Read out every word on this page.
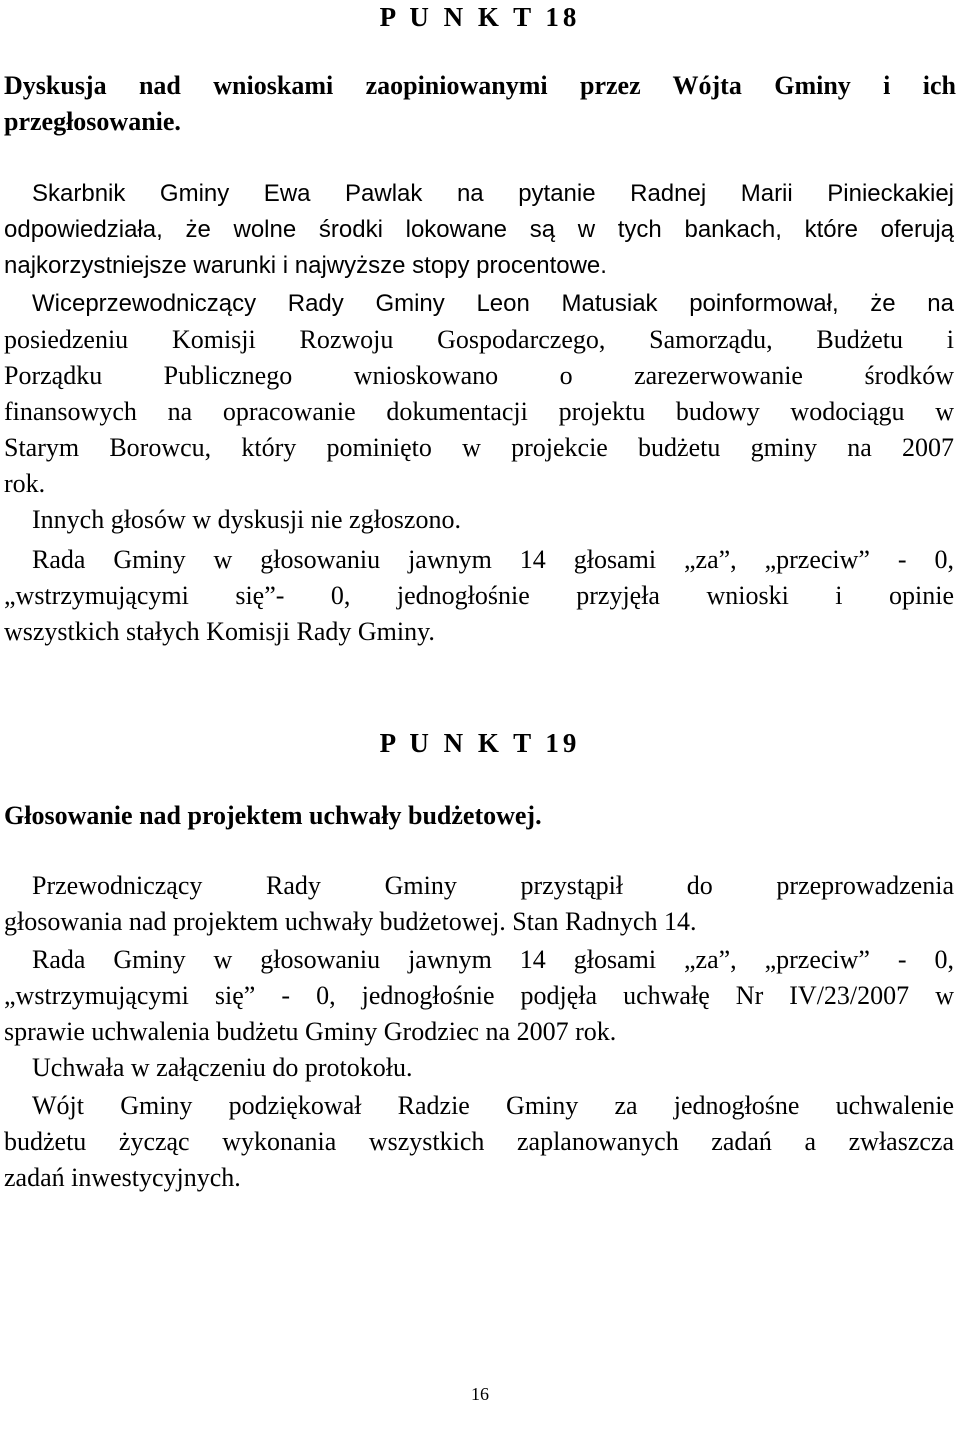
P U N K T 18
Dyskusja nad wnioskami zaopiniowanymi przez Wójta Gminy i ich
przegłosowanie.
Skarbnik Gminy Ewa Pawlak na pytanie Radnej Marii Pinieckakiej
odpowiedziała, że wolne środki lokowane są w tych bankach, które oferują
najkorzystniejsze warunki i najwyższe stopy procentowe.
Wiceprzewodniczący Rady Gminy Leon Matusiak poinformował, że na
posiedzeniu Komisji Rozwoju Gospodarczego, Samorządu, Budżetu i
Porządku Publicznego wnioskowano o zarezerwowanie środków
finansowych na opracowanie dokumentacji projektu budowy wodociągu w
Starym Borowcu, który pominięto w projekcie budżetu gminy na 2007
rok.
Innych głosów w dyskusji nie zgłoszono.
Rada Gminy w głosowaniu jawnym 14 głosami „za”, „przeciw” - 0,
„wstrzymującymi się”- 0, jednogłośnie przyjęła wnioski i opinie
wszystkich stałych Komisji Rady Gminy.
P U N K T 19
Głosowanie nad projektem uchwały budżetowej.
Przewodniczący Rady Gminy przystąpił do przeprowadzenia
głosowania nad projektem uchwały budżetowej. Stan Radnych 14.
Rada Gminy w głosowaniu jawnym 14 głosami „za”, „przeciw” - 0,
„wstrzymującymi się” - 0, jednogłośnie podjęła uchwałę Nr IV/23/2007 w
sprawie uchwalenia budżetu Gminy Grodziec na 2007 rok.
Uchwała w załączeniu do protokołu.
Wójt Gminy podziękował Radzie Gminy za jednogłośne uchwalenie
budżetu życząc wykonania wszystkich zaplanowanych zadań a zwłaszcza
zadań inwestycyjnych.
16
